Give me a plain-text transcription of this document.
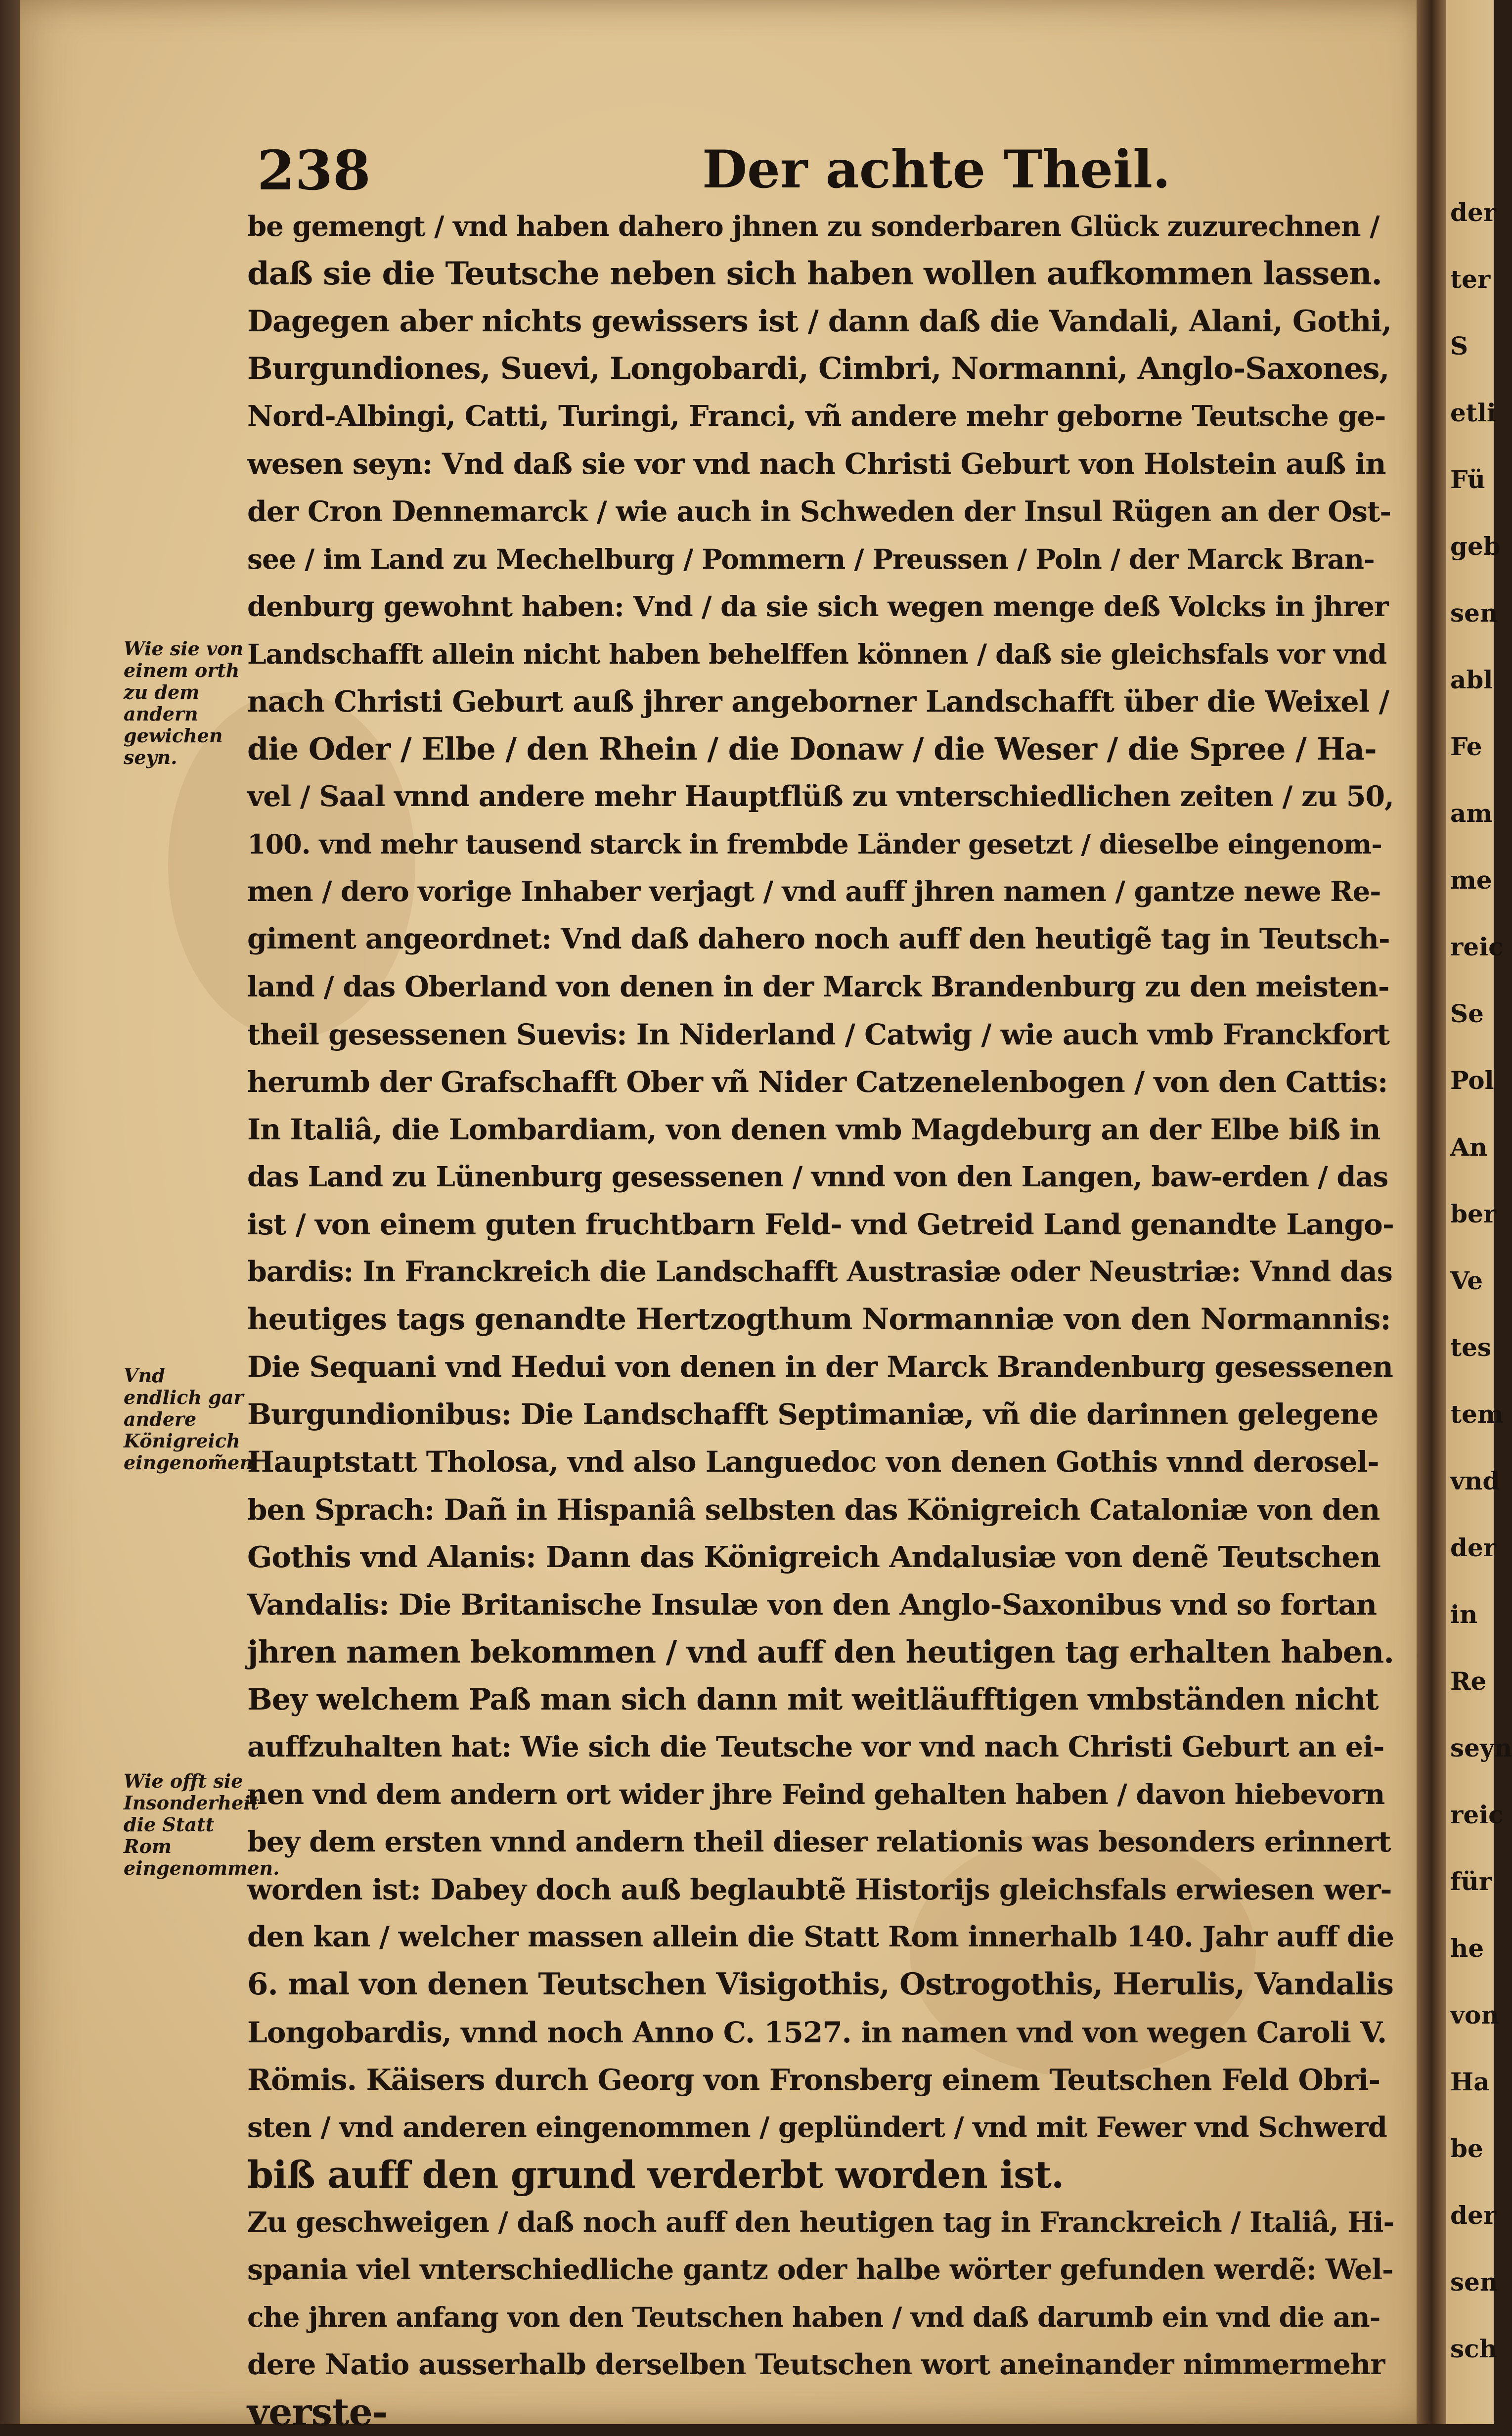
der
ter
S
etli
Fü
geb
sen
abl
Fe
am
me
reic
Se
Pol
An
ber
Ve
tes
tem
vnd
der
in
Re
seyn
reic
für
he
von
Ha
be
der
sen
sch
238	Der achte Theil.
be gemengt / vnd haben dahero jhnen zu sonderbaren Glück zuzurechnen /
daß sie die Teutsche neben sich haben wollen aufkommen lassen.
Dagegen aber nichts gewissers ist / dann daß die Vandali, Alani, Gothi,
Burgundiones, Suevi, Longobardi, Cimbri, Normanni, Anglo-Saxones,
Nord-Albingi, Catti, Turingi, Franci, vñ andere mehr geborne Teutsche ge-
wesen seyn: Vnd daß sie vor vnd nach Christi Geburt von Holstein auß in
der Cron Dennemarck / wie auch in Schweden der Insul Rügen an der Ost-
see / im Land zu Mechelburg / Pommern / Preussen / Poln / der Marck Bran-
denburg gewohnt haben: Vnd / da sie sich wegen menge deß Volcks in jhrer
Landschafft allein nicht haben behelffen können / daß sie gleichsfals vor vnd
nach Christi Geburt auß jhrer angeborner Landschafft über die Weixel /
die Oder / Elbe / den Rhein / die Donaw / die Weser / die Spree / Ha-
vel / Saal vnnd andere mehr Hauptflüß zu vnterschiedlichen zeiten / zu 50,
100. vnd mehr tausend starck in frembde Länder gesetzt / dieselbe eingenom-
men / dero vorige Inhaber verjagt / vnd auff jhren namen / gantze newe Re-
giment angeordnet: Vnd daß dahero noch auff den heutigẽ tag in Teutsch-
land / das Oberland von denen in der Marck Brandenburg zu den meisten-
theil gesessenen Suevis: In Niderland / Catwig / wie auch vmb Franckfort
herumb der Grafschafft Ober vñ Nider Catzenelenbogen / von den Cattis:
In Italiâ, die Lombardiam, von denen vmb Magdeburg an der Elbe biß in
das Land zu Lünenburg gesessenen / vnnd von den Langen, baw-erden / das
ist / von einem guten fruchtbarn Feld- vnd Getreid Land genandte Lango-
bardis: In Franckreich die Landschafft Austrasiæ oder Neustriæ: Vnnd das
heutiges tags genandte Hertzogthum Normanniæ von den Normannis:
Die Sequani vnd Hedui von denen in der Marck Brandenburg gesessenen
Burgundionibus: Die Landschafft Septimaniæ, vñ die darinnen gelegene
Hauptstatt Tholosa, vnd also Languedoc von denen Gothis vnnd derosel-
ben Sprach: Dañ in Hispaniâ selbsten das Königreich Cataloniæ von den
Gothis vnd Alanis: Dann das Königreich Andalusiæ von denẽ Teutschen
Vandalis: Die Britanische Insulæ von den Anglo-Saxonibus vnd so fortan
jhren namen bekommen / vnd auff den heutigen tag erhalten haben.
Bey welchem Paß man sich dann mit weitläufftigen vmbständen nicht
auffzuhalten hat: Wie sich die Teutsche vor vnd nach Christi Geburt an ei-
nen vnd dem andern ort wider jhre Feind gehalten haben / davon hiebevorn
bey dem ersten vnnd andern theil dieser relationis was besonders erinnert
worden ist: Dabey doch auß beglaubtẽ Historijs gleichsfals erwiesen wer-
den kan / welcher massen allein die Statt Rom innerhalb 140. Jahr auff die
6. mal von denen Teutschen Visigothis, Ostrogothis, Herulis, Vandalis
Longobardis, vnnd noch Anno C. 1527. in namen vnd von wegen Caroli V.
Römis. Käisers durch Georg von Fronsberg einem Teutschen Feld Obri-
sten / vnd anderen eingenommen / geplündert / vnd mit Fewer vnd Schwerd
biß auff den grund verderbt worden ist.
Zu geschweigen / daß noch auff den heutigen tag in Franckreich / Italiâ, Hi-
spania viel vnterschiedliche gantz oder halbe wörter gefunden werdẽ: Wel-
che jhren anfang von den Teutschen haben / vnd daß darumb ein vnd die an-
dere Natio ausserhalb derselben Teutschen wort aneinander nimmermehr
verste-
Wie sie von einem orth zu dem andern gewichen seyn.
Vnd endlich gar andere Königreich eingenom̃en
Wie offt sie Insonderheit die Statt Rom eingenommen.
